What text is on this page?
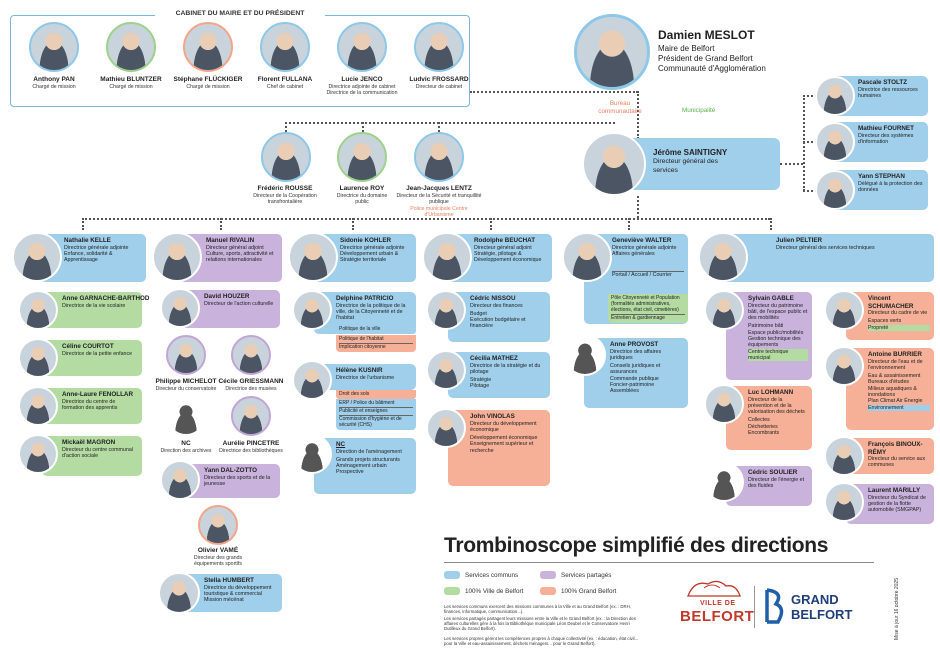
CABINET DU MAIRE ET DU PRÉSIDENT
Anthony PAN
Chargé de mission
Mathieu BLUNTZER
Chargé de mission
Stéphane FLÜCKIGER
Chargé de mission
Florent FULLANA
Chef de cabinet
Lucie JENCO
Directrice adjointe de cabinet Directrice de la communication
Ludvic FROSSARD
Directeur de cabinet
Damien MESLOT
Maire de Belfort
Président de Grand Belfort
Communauté d'Agglomération
Bureau communautaire	Municipalité
Jérôme SAINTIGNY
Directeur général des services
Pascale STOLTZ
Directrice des ressources humaines
Mathieu FOURNET
Directeur des systèmes d'information
Yann STEPHAN
Délégué à la protection des données
Frédéric ROUSSE
Directeur de la Coopération transfrontalière
Laurence ROY
Directrice du domaine public
Jean-Jacques LENTZ
Directeur de la Sécurité et tranquillité publique
Police municipale Centre d'Urbanisme
Nathalie KELLE
Directrice générale adjointe Enfance, solidarité & Apprentissage
Anne GARNACHE-BARTHOD
Directrice de la vie scolaire
Céline COURTOT
Directrice de la petite enfance
Anne-Laure FENOLLAR
Directrice du centre de formation des apprentis
Mickaël MAGRON
Directeur du centre communal d'action sociale
Manuel RIVALIN
Directeur général adjoint Culture, sports, attractivité et relations internationales
David HOUZER
Directeur de l'action culturelle
Philippe MICHELOT
Directeur du conservatoire
Cécile GRIESSMANN
Directrice des musées
NC
Direction des archives
Aurélie PINCETRE
Directrice des bibliothèques
Yann DAL-ZOTTO
Directeur des sports et de la jeunesse
Olivier VAMÉ
Directeur des grands équipements sportifs
Stella HUMBERT
Directrice du développement touristique & commercial Mission mécénat
Sidonie KOHLER
Directrice générale adjointe Développement urbain & Stratégie territoriale
Delphine PATRICIO
Directrice de la politique de la ville, de la Citoyenneté et de l'habitat
Politique de la ville
Politique de l'habitat
Implication citoyenne
Hélène KUSNIR
Directrice de l'urbanisme
Droit des sols
ERP / Police du bâtiment
Publicité et enseignes
Commission d'hygiène et de sécurité (CHS)
NC
Direction de l'aménagement
Grands projets structurants
Aménagement urbain
Prospective
Rodolphe BEUCHAT
Directeur général adjoint Stratégie, pilotage & Développement économique
Cédric NISSOU
Directeur des finances
Budget
Exécution budgétaire et financière
Cécilia MATHEZ
Directrice de la stratégie et du pilotage
Stratégie
Pilotage
John VINOLAS
Directeur du développement économique
Développement économique
Enseignement supérieur et recherche
Geneviève WALTER
Directrice générale adjointe Affaires générales
Portail / Accueil / Courrier
Pôle Citoyenneté et Population (formalités administratives, élections, état civil, cimetières)
Entretien & gardiennage
Anne PROVOST
Directrice des affaires juridiques
Conseils juridiques et assurances
Commande publique
Foncier-patrimoine
Assemblées
Julien PELTIER
Directeur général des services techniques
Sylvain GABLE
Directeur du patrimoine bâti, de l'espace public et des mobilités
Patrimoine bâti
Espace public/mobilités
Gestion technique des équipements
Centre technique municipal
Luc LOHMANN
Directeur de la prévention et de la valorisation des déchets
Collectes
Déchetteries
Encombrants
Cédric SOULIER
Directeur de l'énergie et des fluides
Vincent SCHUMACHER
Directeur du cadre de vie
Espaces verts
Propreté
Antoine BURRIER
Directeur de l'eau et de l'environnement
Eau & assainissement
Bureaux d'études
Milieux aquatiques & inondations
Plan Climat Air Énergie
Environnement
François BINOUX-RÉMY
Directeur du service aux communes
Laurent MARILLY
Directeur du Syndicat de gestion de la flotte automobile (SMGPAP)
Trombinoscope simplifié des directions
Services communs	Services partagés
100% Ville de Belfort	100% Grand Belfort
Les services communs exercent des missions communes à la Ville et au Grand Belfort (ex. : DRH, finances, informatique, communication...).
Les services partagés partagent leurs missions entre la Ville et le Grand Belfort (ex. : la Direction des affaires culturelles gère à la fois la Bibliothèque municipale Léon Deubel et le Conservatoire Henri Dutilleux du Grand Belfort).
Les services propres gèrent les compétences propres à chaque collectivité (ex. : éducation, état civil... pour la Ville et eau-assainissement, déchets ménagers... pour le Grand Belfort).
VILLE DE
BELFORT
GRAND
BELFORT	Mise à jour 16 octobre 2025
